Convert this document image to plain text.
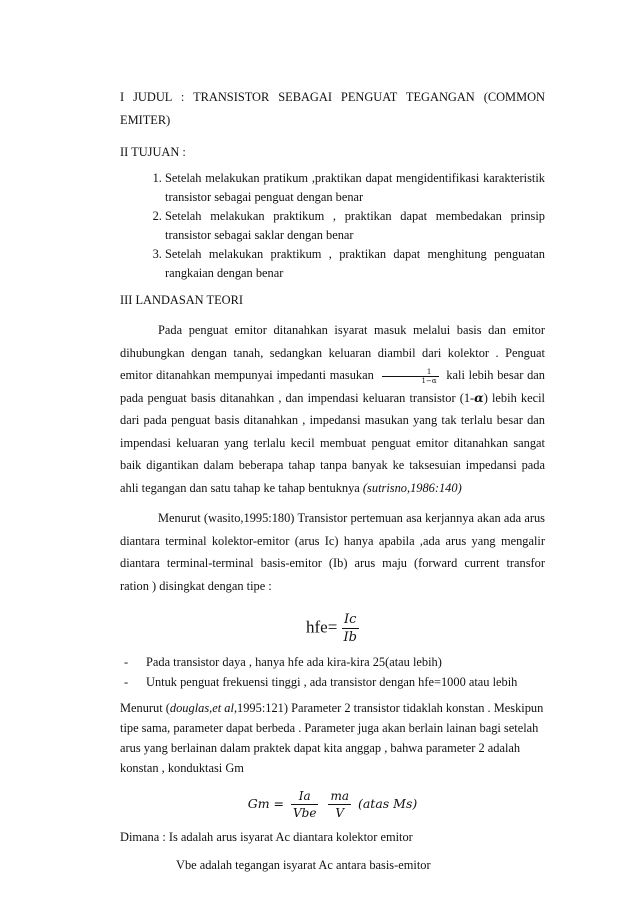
I JUDUL : TRANSISTOR SEBAGAI PENGUAT TEGANGAN (COMMON
EMITER)

II TUJUAN :

1. Setelah melakukan pratikum ,praktikan dapat mengidentifikasi karakteristik transistor sebagai penguat dengan benar
2. Setelah melakukan praktikum , praktikan dapat membedakan prinsip transistor sebagai saklar dengan benar
3. Setelah melakukan praktikum , praktikan dapat menghitung penguatan rangkaian dengan benar

III LANDASAN TEORI

Pada penguat emitor ditanahkan isyarat masuk melalui basis dan emitor dihubungkan dengan tanah, sedangkan keluaran diambil dari kolektor . Penguat emitor ditanahkan mempunyai impedanti masukan $\frac{1}{1-\alpha}$ kali lebih besar dan pada penguat basis ditanahkan , dan impendasi keluaran transistor (1-α) lebih kecil dari pada penguat basis ditanahkan , impedansi masukan yang tak terlalu besar dan impendasi keluaran yang terlalu kecil membuat penguat emitor ditanahkan sangat baik digantikan dalam beberapa tahap tanpa banyak ke taksesuian impedansi pada ahli tegangan dan satu tahap ke tahap bentuknya (sutrisno,1986:140)

Menurut (wasito,1995:180) Transistor pertemuan asa kerjannya akan ada arus diantara terminal kolektor-emitor (arus Ic) hanya apabila ,ada arus yang mengalir diantara terminal-terminal basis-emitor (Ib) arus maju (forward current transfor ration ) disingkat dengan tipe :

$hfe= \frac{Ic}{Ib}$
- Pada transistor daya , hanya hfe ada kira-kira 25(atau lebih)
- Untuk penguat frekuensi tinggi , ada transistor dengan hfe=1000 atau lebih

Menurut (douglas,et al,1995:121) Parameter 2 transistor tidaklah konstan . Meskipun tipe sama, parameter dapat berbeda . Parameter juga akan berlain lainan bagi setelah arus yang berlainan dalam praktek dapat kita anggap , bahwa parameter 2 adalah konstan , konduktasi Gm

$Gm = \frac{Ia}{\text{Vbe}}$
$\frac{ma}{V}$ (atas Ms)

Dimana : Is adalah arus isyarat Ac diantara kolektor emitor

Vbe adalah tegangan isyarat Ac antara basis-emitor
